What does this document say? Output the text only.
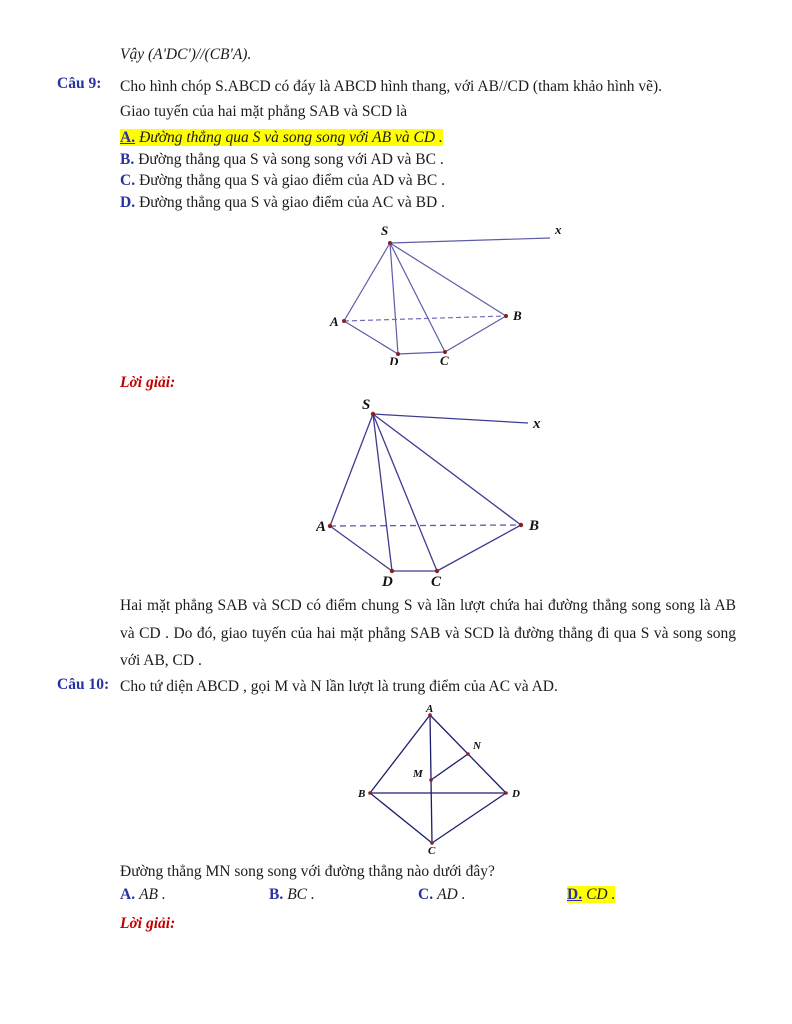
Vậy (A'DC')//(CB'A).

Câu 9: Cho hình chóp S.ABCD có đáy là ABCD hình thang, với AB//CD (tham khảo hình vẽ).

Giao tuyến của hai mặt phẳng SAB và SCD là

A. Đường thẳng qua S và song song với AB và CD .

B. Đường thẳng qua S và song song với AD và BC .

C. Đường thẳng qua S và giao điểm của AD và BC .

D. Đường thẳng qua S và giao điểm của AC và BD .

S	x
A	B
D	C

Lời giải:

S
x
A	B
D	C

Hai mặt phẳng SAB và SCD có điểm chung S và lần lượt chứa hai đường thẳng song song là AB và CD . Do đó, giao tuyến của hai mặt phẳng SAB và SCD là đường thẳng đi qua S và song song với AB, CD .

Câu 10: Cho tứ diện ABCD , gọi M và N lần lượt là trung điểm của AC và AD.

A
B	D
C
M
N

Đường thẳng MN song song với đường thẳng nào dưới đây?

A. AB .	B. BC .	C. AD .	D. CD .

Lời giải:
